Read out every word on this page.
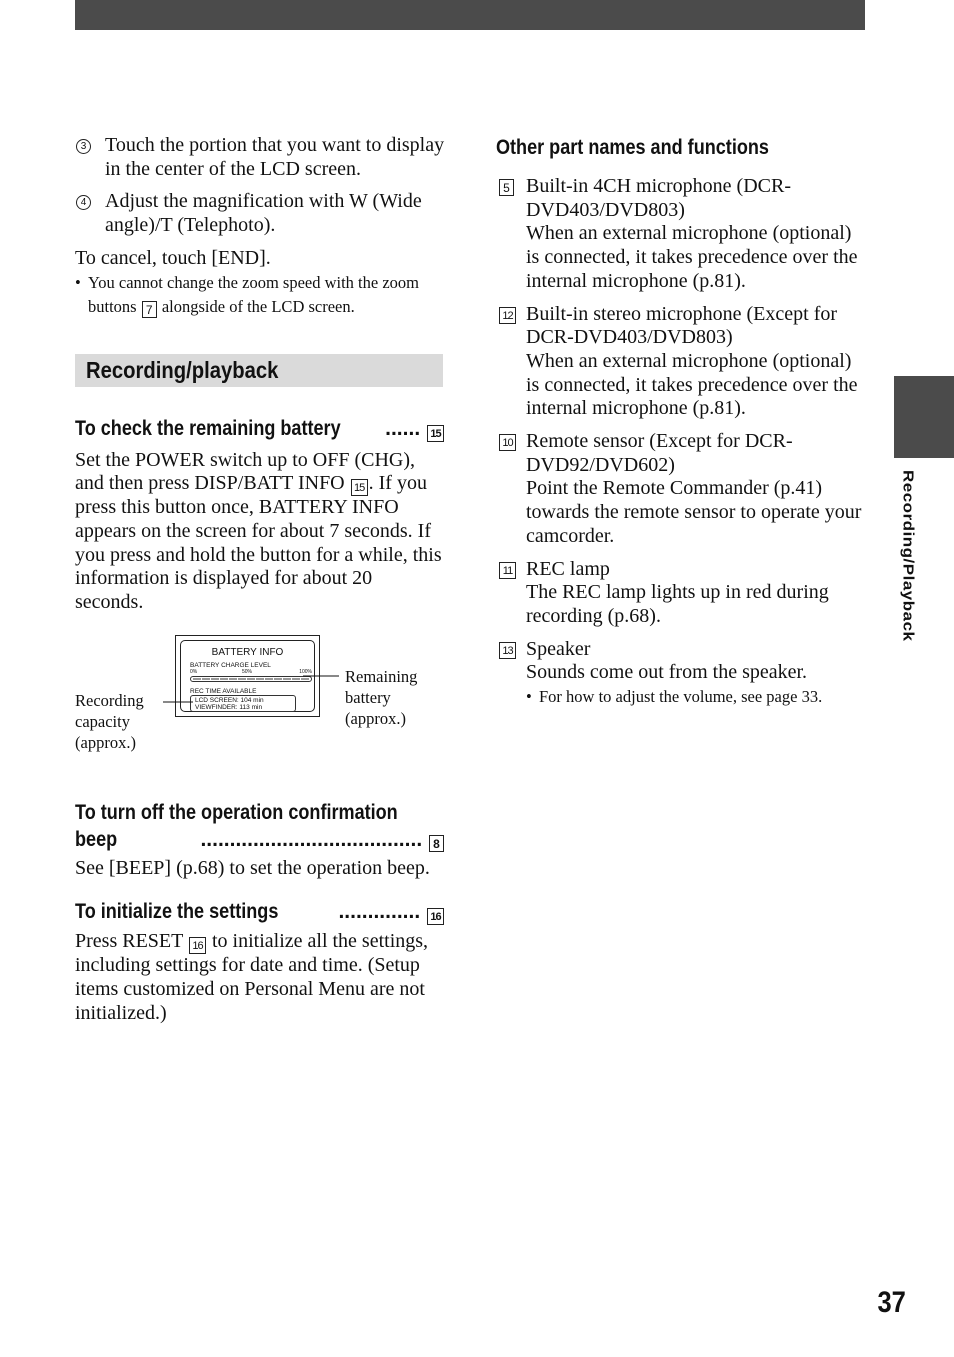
Recording/Playback
3 Touch the portion that you want to display in the center of the LCD screen.
4 Adjust the magnification with W (Wide angle)/T (Telephoto).

To cancel, touch [END].

• You cannot change the zoom speed with the zoom buttons 7 alongside of the LCD screen.
Recording/playback
To check the remaining battery ...... 15

Set the POWER switch up to OFF (CHG), and then press DISP/BATT INFO 15 . If you press this button once, BATTERY INFO appears on the screen for about 7 seconds. If you press and hold the button for a while, this information is displayed for about 20 seconds.

BATTERY INFO
BATTERY CHARGE LEVEL
0%	50%	100%
REC TIME AVAILABLE
LCD SCREEN: 104 min
VIEWFINDER: 113 min
Recording capacity (approx.)
Remaining battery (approx.)
To turn off the operation confirmation
beep	...................................... 8

See [BEEP] (p.68) to set the operation beep.

To initialize the settings	.............. 16

Press RESET 16 to initialize all the settings, including settings for date and time. (Setup items customized on Personal Menu are not initialized.)

Other part names and functions
5 Built-in 4CH microphone (DCR-DVD403/DVD803)
When an external microphone (optional) is connected, it takes precedence over the internal microphone (p.81).
12 Built-in stereo microphone (Except for DCR-DVD403/DVD803)
When an external microphone (optional) is connected, it takes precedence over the internal microphone (p.81).
10 Remote sensor (Except for DCR-DVD92/DVD602)
Point the Remote Commander (p.41) towards the remote sensor to operate your camcorder.
11 REC lamp
The REC lamp lights up in red during recording (p.68).
13 Speaker
Sounds come out from the speaker.
• For how to adjust the volume, see page 33.
37
